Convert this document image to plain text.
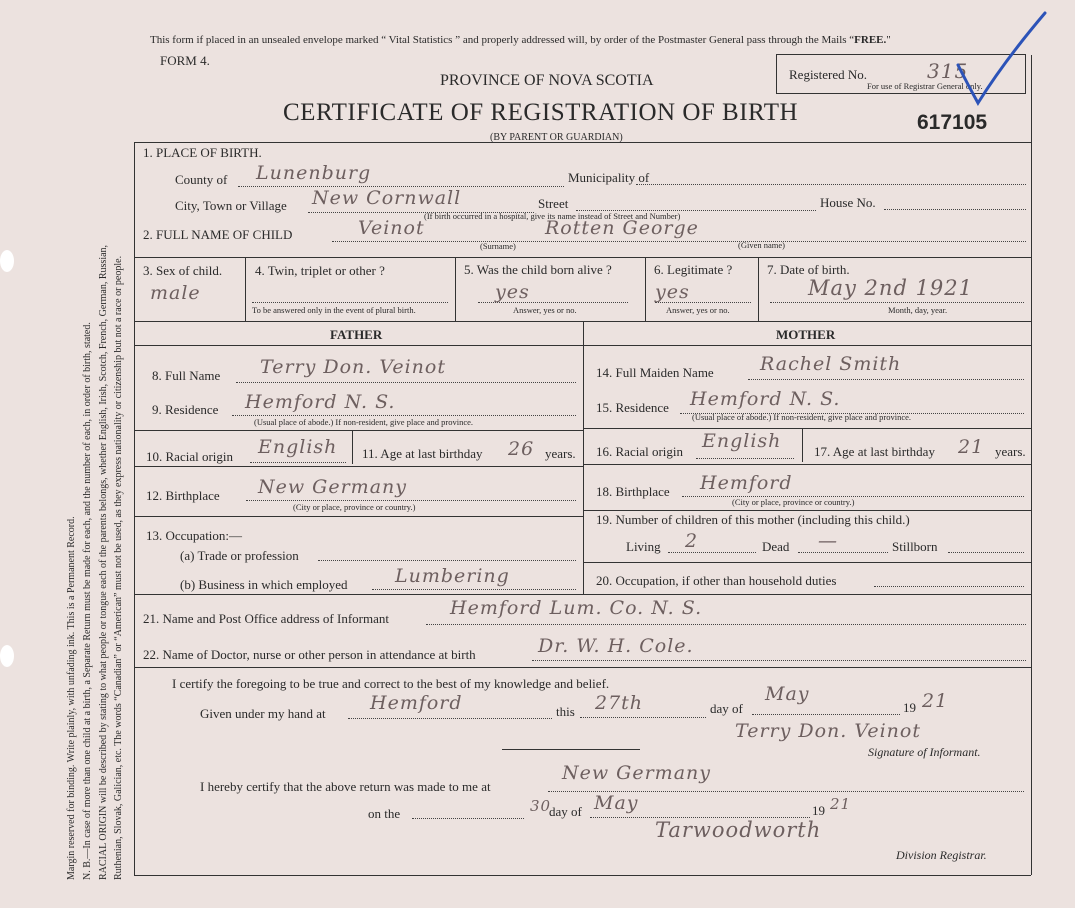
Margin reserved for binding. Write plainly, with unfading ink. This is a Permanent Record. N. B.—In case of more than one child at a birth, a Separate Return must be made for each, and the number of each, in order of birth, stated. RACIAL ORIGIN will be described by stating to what people or tongue each of the parents belongs, whether English, Irish, Scotch, French, German, Russian, Ruthenian, Slovak, Galician, etc. The words “Canadian” or “American” must not be used, as they express nationality or citizenship but not a race or people.
This form if placed in an unsealed envelope marked “ Vital Statistics ” and properly addressed will, by order of the Postmaster General pass through the Mails “FREE."
FORM 4.
PROVINCE OF NOVA SCOTIA
CERTIFICATE OF REGISTRATION OF BIRTH
(BY PARENT OR GUARDIAN)
Registered No.	315
For use of Registrar General only.
617105
1. PLACE OF BIRTH.
County of Lunenburg	Municipality of
City, Town or Village New Cornwall	Street	House No.
(If birth occurred in a hospital, give its name instead of Street and Number)
2. FULL NAME OF CHILD	Veinot	Rotten George
(Surname)	(Given name)
3. Sex of child.
male
4. Twin, triplet or other ?
To be answered only in the event of plural birth.
5. Was the child born alive ?
yes
Answer, yes or no.
6. Legitimate ?
yes
Answer, yes or no.
7. Date of birth.
May 2nd 1921
Month, day, year.
FATHER	MOTHER
8. Full Name Terry Don. Veinot
9. Residence Hemford N. S.
(Usual place of abode.) If non-resident, give place and province.
10. Racial origin English 11. Age at last birthday 26 years.
12. Birthplace New Germany
(City or place, province or country.)
13. Occupation:—
(a) Trade or profession
(b) Business in which employed Lumbering
14. Full Maiden Name Rachel Smith
15. Residence Hemford N. S.
(Usual place of abode.) If non-resident, give place and province.
16. Racial origin English	17. Age at last birthday 21 years.
18. Birthplace Hemford
(City or place, province or country.)
19. Number of children of this mother (including this child.)
Living 2	Dead —	Stillborn
20. Occupation, if other than household duties
21. Name and Post Office address of Informant	Hemford Lum. Co. N. S.
22. Name of Doctor, nurse or other person in attendance at birth	Dr. W. H. Cole.
I certify the foregoing to be true and correct to the best of my knowledge and belief.
Given under my hand at Hemford	this 27th	day of
May
19 21
Terry Don. Veinot
Signature of Informant.
I hereby certify that the above return was made to me at
New Germany
on the	30
day of May	19 21
Tarwoodworth
Division Registrar.
